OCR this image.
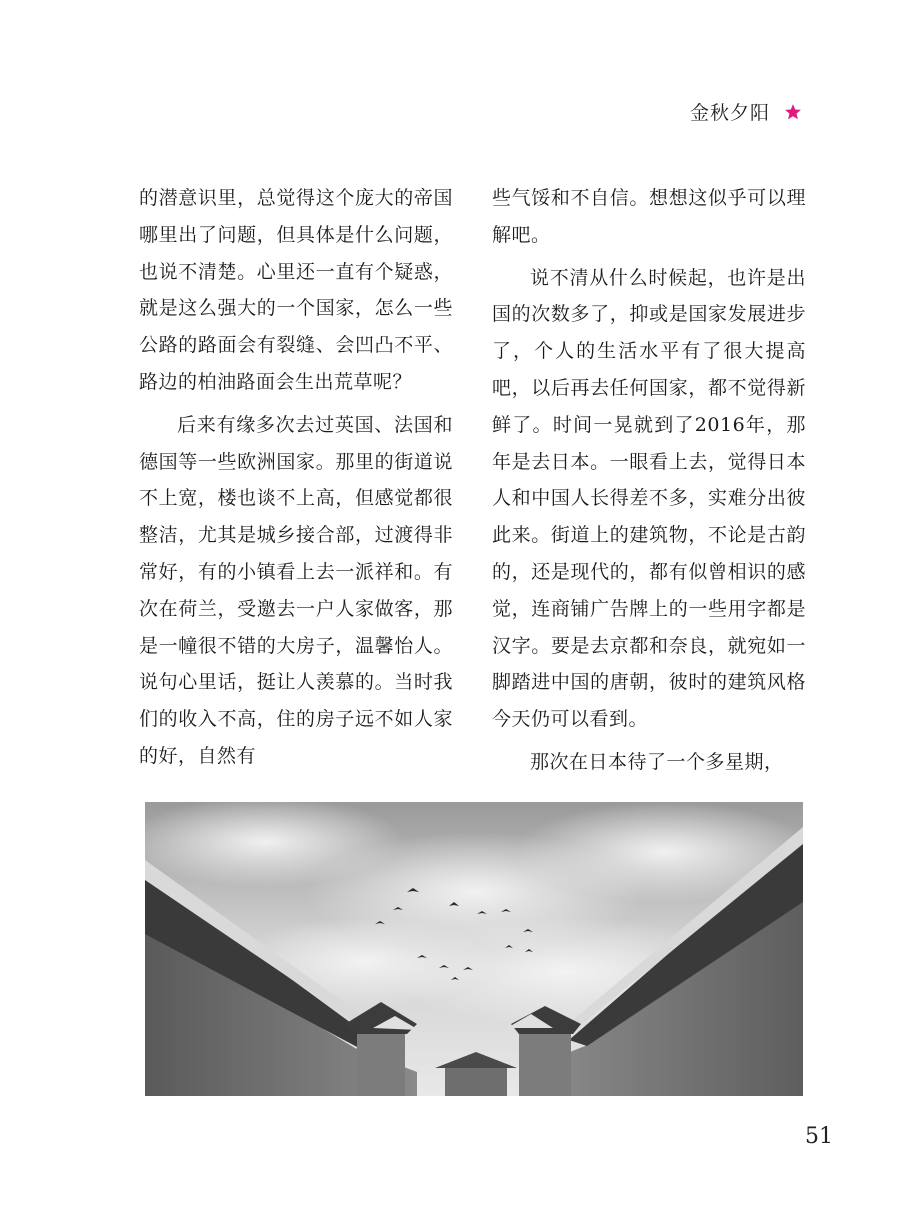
金秋夕阳

的潜意识里，总觉得这个庞大的帝国哪里出了问题，但具体是什么问题，也说不清楚。心里还一直有个疑惑，就是这么强大的一个国家，怎么一些公路的路面会有裂缝、会凹凸不平、路边的柏油路面会生出荒草呢？

后来有缘多次去过英国、法国和德国等一些欧洲国家。那里的街道说不上宽，楼也谈不上高，但感觉都很整洁，尤其是城乡接合部，过渡得非常好，有的小镇看上去一派祥和。有次在荷兰，受邀去一户人家做客，那是一幢很不错的大房子，温馨怡人。说句心里话，挺让人羡慕的。当时我们的收入不高，住的房子远不如人家的好，自然有

些气馁和不自信。想想这似乎可以理解吧。

说不清从什么时候起，也许是出国的次数多了，抑或是国家发展进步了，个人的生活水平有了很大提高吧，以后再去任何国家，都不觉得新鲜了。时间一晃就到了2016年，那年是去日本。一眼看上去，觉得日本人和中国人长得差不多，实难分出彼此来。街道上的建筑物，不论是古韵的，还是现代的，都有似曾相识的感觉，连商铺广告牌上的一些用字都是汉字。要是去京都和奈良，就宛如一脚踏进中国的唐朝，彼时的建筑风格今天仍可以看到。

那次在日本待了一个多星期，

51
